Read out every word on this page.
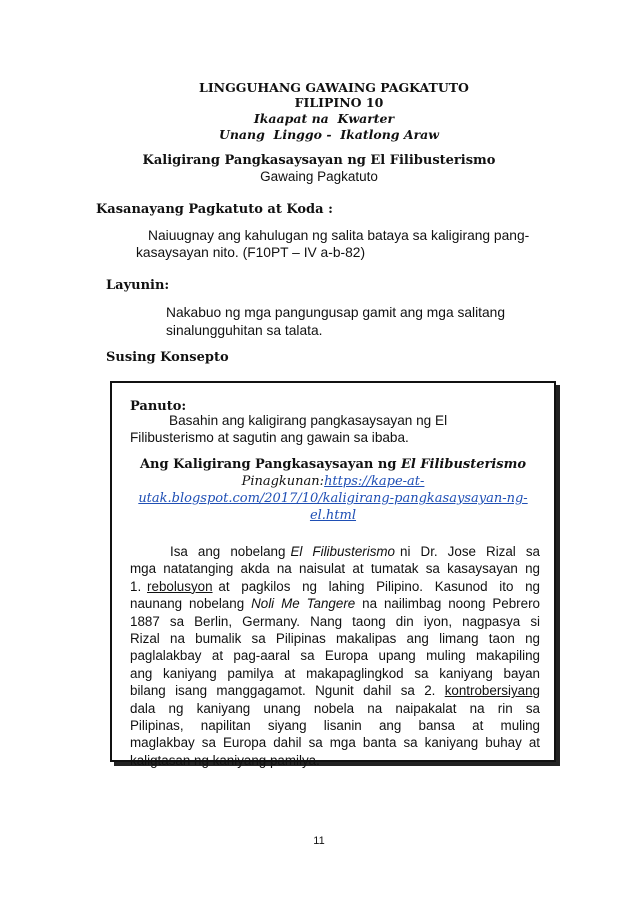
LINGGUHANG GAWAING PAGKATUTO
FILIPINO 10
Ikaapat na  Kwarter
Unang  Linggo -  Ikatlong Araw
Kaligirang Pangkasaysayan ng El Filibusterismo
Gawaing Pagkatuto
Kasanayang Pagkatuto at Koda :
Naiuugnay ang kahulugan ng salita bataya sa kaligirang pang-
kasaysayan nito. (F10PT – IV a-b-82)
Layunin:
Nakabuo ng mga pangungusap gamit ang mga salitang
sinalungguhitan sa talata.
Susing Konsepto
Panuto:
Basahin ang kaligirang pangkasaysayan ng El
Filibusterismo at sagutin ang gawain sa ibaba.
Ang Kaligirang Pangkasaysayan ng El Filibusterismo
Pinagkunan:https://kape-at-
utak.blogspot.com/2017/10/kaligirang-pangkasaysayan-ng-
el.html
Isa  ang  nobelang El  Filibusterismo ni  Dr.  Jose  Rizal  sa
mga natatanging akda na naisulat at tumatak sa kasaysayan ng
1. rebolusyon at  pagkilos  ng  lahing  Pilipino.  Kasunod  ito  ng
naunang nobelang Noli Me Tangere na nailimbag noong Pebrero
1887  sa  Berlin,  Germany.  Nang  taong  din  iyon,  nagpasya  si
Rizal  na  bumalik  sa  Pilipinas  makalipas  ang  limang  taon  ng
paglalakbay at pag-aaral sa Europa upang muling makapiling
ang  kaniyang  pamilya  at  makapaglingkod  sa  kaniyang  bayan
bilang isang manggagamot. Ngunit dahil sa 2. kontrobersiyang
dala  ng  kaniyang  unang  nobela  na  naipakalat  na  rin  sa
Pilipinas,  napilitan  siyang  lisanin  ang  bansa  at  muling
maglakbay sa Europa dahil sa mga banta sa kaniyang buhay at
kaligtasan ng kaniyang pamilya.
11
